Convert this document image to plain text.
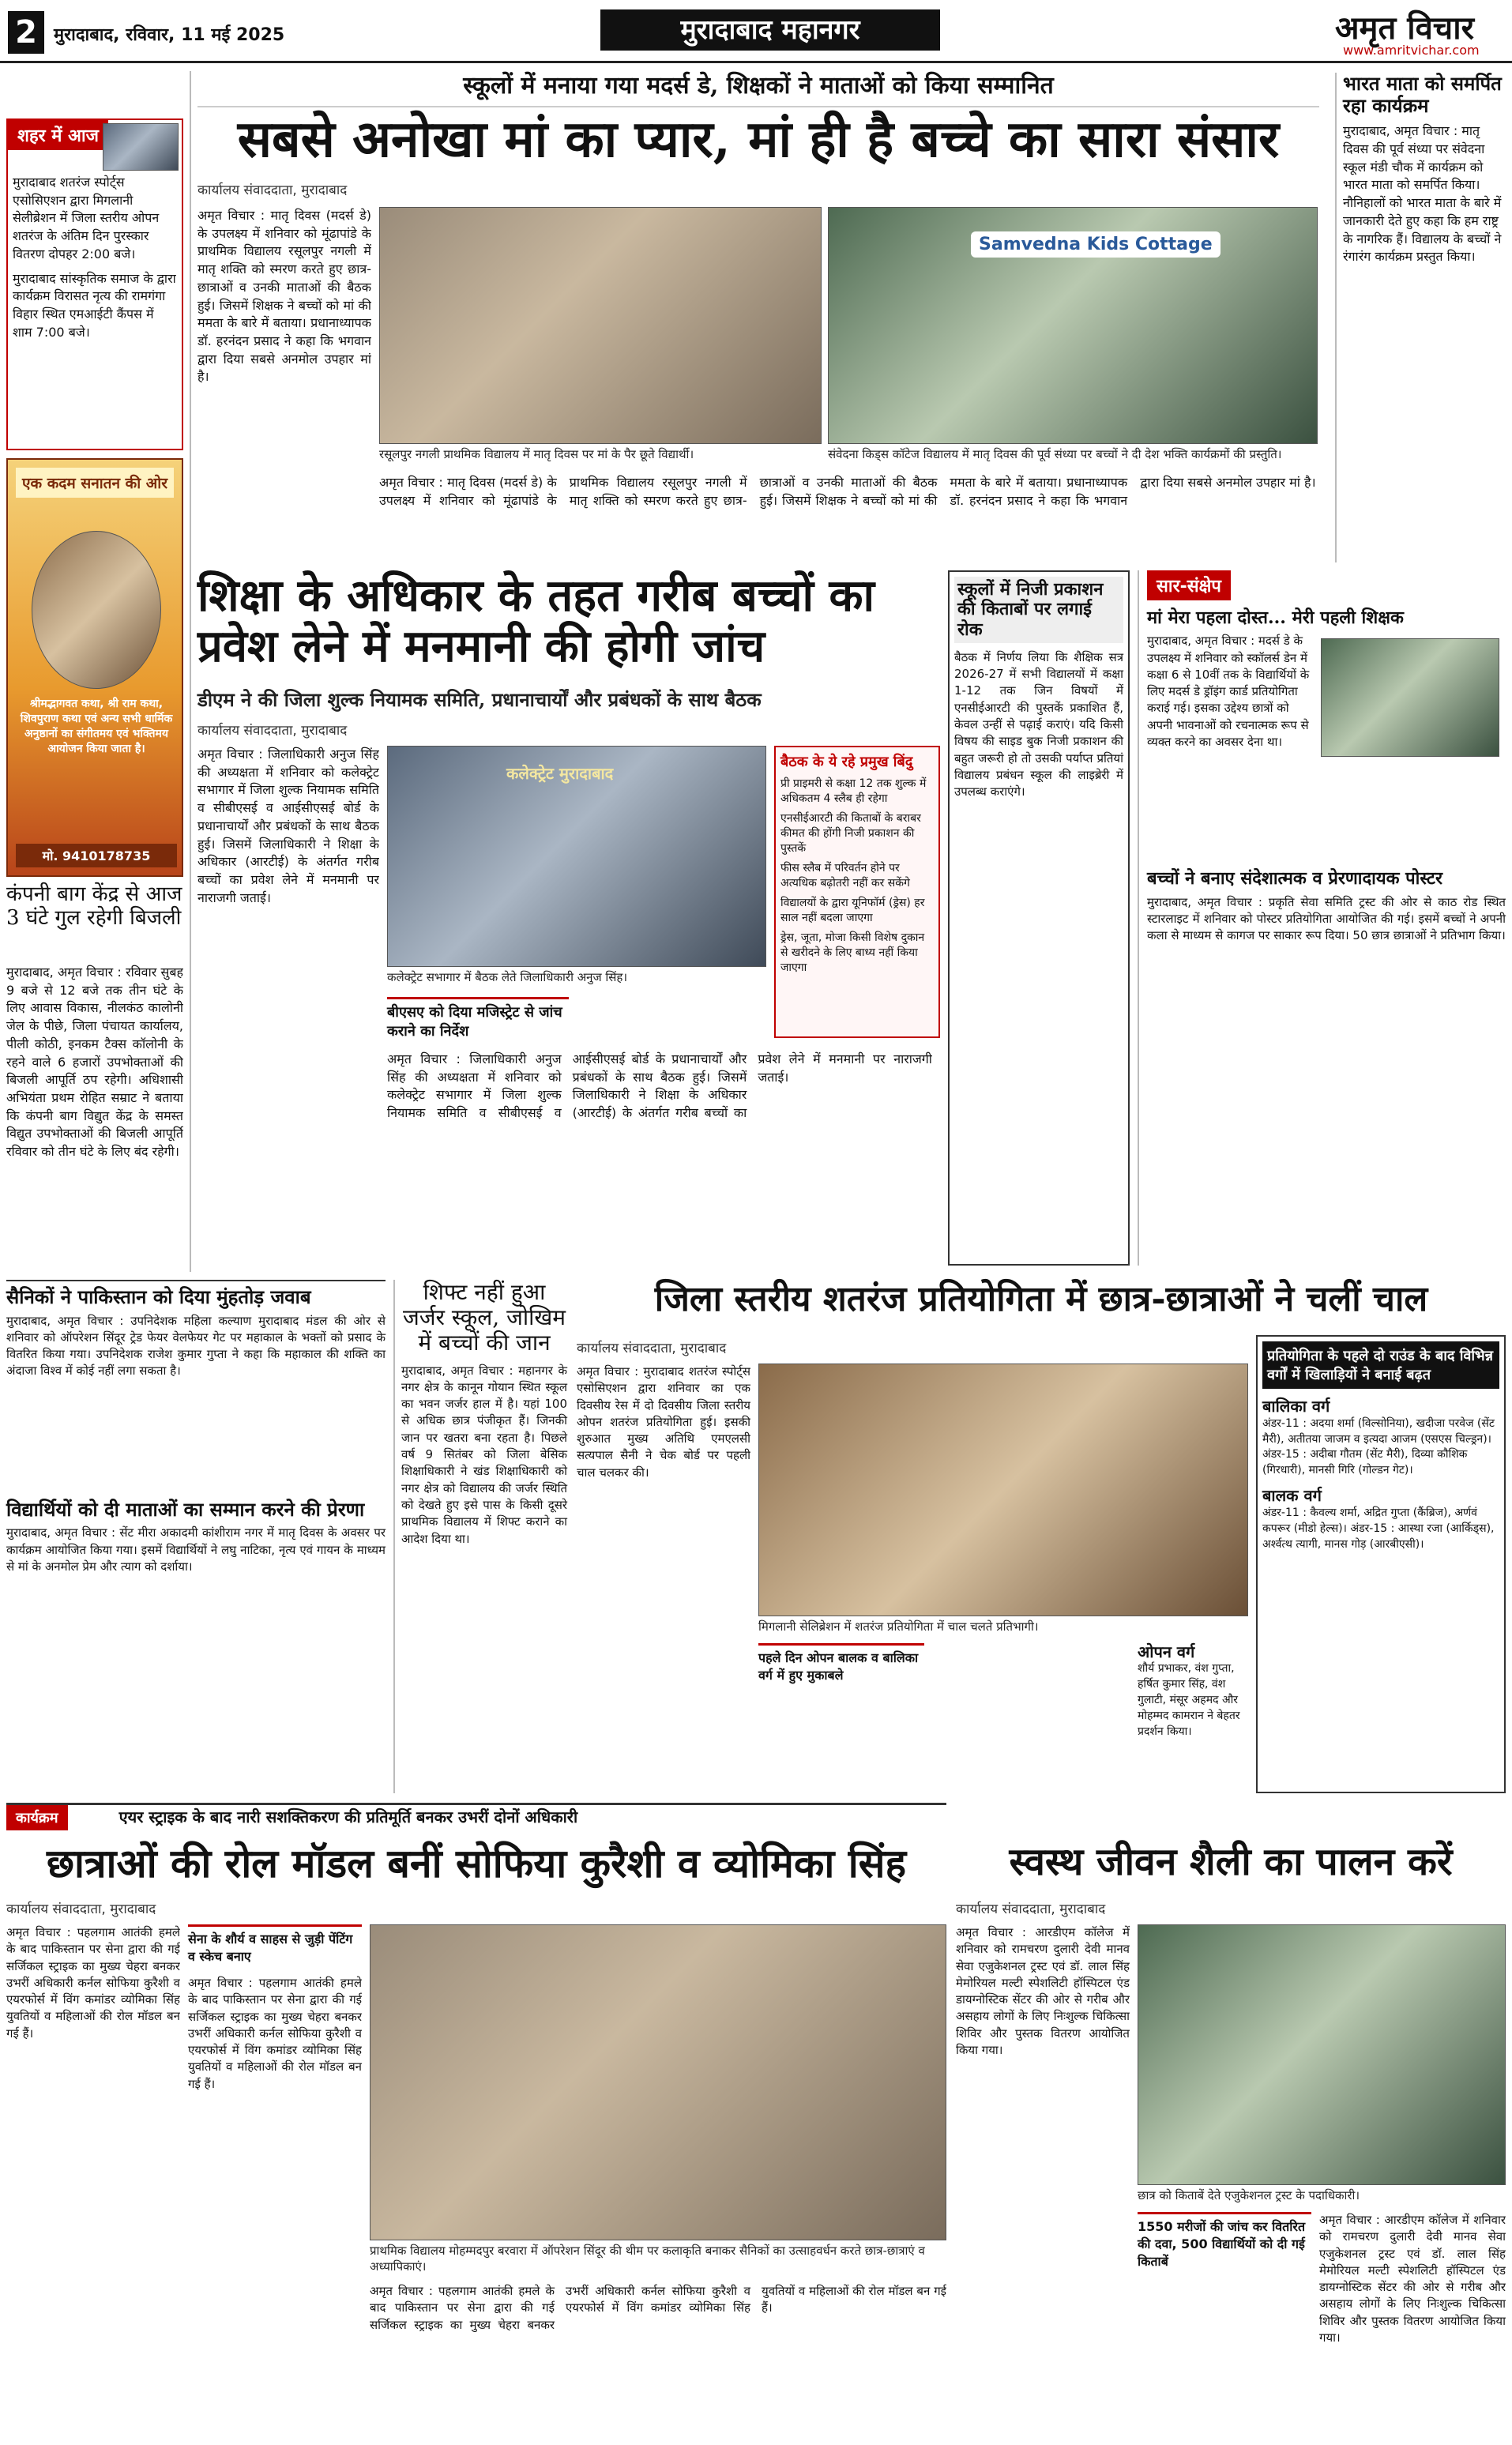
2 मुरादाबाद, रविवार, 11 मई 2025	मुरादाबाद महानगर	अमृत विचार
www.amritvichar.com
शहर में आज
मुरादाबाद शतरंज स्पोर्ट्स एसोसिएशन द्वारा मिगलानी सेलीब्रेशन में जिला स्तरीय ओपन शतरंज के अंतिम दिन पुरस्कार वितरण दोपहर 2:00 बजे।
मुरादाबाद सांस्कृतिक समाज के द्वारा कार्यक्रम विरासत नृत्य की रामगंगा विहार स्थित एमआईटी कैंपस में शाम 7:00 बजे।
एक कदम सनातन की ओर
श्रीमद्भागवत कथा, श्री राम कथा, शिवपुराण कथा एवं अन्य सभी धार्मिक अनुष्ठानों का संगीतमय एवं भक्तिमय आयोजन किया जाता है।
मो. 9410178735
कंपनी बाग केंद्र से आज 3 घंटे गुल रहेगी बिजली
मुरादाबाद, अमृत विचार : रविवार सुबह 9 बजे से 12 बजे तक तीन घंटे के लिए आवास विकास, नीलकंठ कालोनी जेल के पीछे, जिला पंचायत कार्यालय, पीली कोठी, इनकम टैक्स कॉलोनी के रहने वाले 6 हजारों उपभोक्ताओं की बिजली आपूर्ति ठप रहेगी। अधिशासी अभियंता प्रथम रोहित सम्राट ने बताया कि कंपनी बाग विद्युत केंद्र के समस्त विद्युत उपभोक्ताओं की बिजली आपूर्ति रविवार को तीन घंटे के लिए बंद रहेगी।
स्कूलों में मनाया गया मदर्स डे, शिक्षकों ने माताओं को किया सम्मानित
सबसे अनोखा मां का प्यार, मां ही है बच्चे का सारा संसार
कार्यालय संवाददाता, मुरादाबाद
अमृत विचार : मातृ दिवस (मदर्स डे) के उपलक्ष्य में शनिवार को मूंढापांडे के प्राथमिक विद्यालय रसूलपुर नगली में मातृ शक्ति को स्मरण करते हुए छात्र-छात्राओं व उनकी माताओं की बैठक हुई। जिसमें शिक्षक ने बच्चों को मां की ममता के बारे में बताया। प्रधानाध्यापक डॉ. हरनंदन प्रसाद ने कहा कि भगवान द्वारा दिया सबसे अनमोल उपहार मां है।
Samvedna Kids Cottage
रसूलपुर नगली प्राथमिक विद्यालय में मातृ दिवस पर मां के पैर छूते विद्यार्थी।	संवेदना किड्स कॉटेज विद्यालय में मातृ दिवस की पूर्व संध्या पर बच्चों ने दी देश भक्ति कार्यक्रमों की प्रस्तुति।
अमृत विचार : मातृ दिवस (मदर्स डे) के उपलक्ष्य में शनिवार को मूंढापांडे के प्राथमिक विद्यालय रसूलपुर नगली में मातृ शक्ति को स्मरण करते हुए छात्र-छात्राओं व उनकी माताओं की बैठक हुई। जिसमें शिक्षक ने बच्चों को मां की ममता के बारे में बताया। प्रधानाध्यापक डॉ. हरनंदन प्रसाद ने कहा कि भगवान द्वारा दिया सबसे अनमोल उपहार मां है।
भारत माता को समर्पित रहा कार्यक्रम
मुरादाबाद, अमृत विचार : मातृ दिवस की पूर्व संध्या पर संवेदना स्कूल मंडी चौक में कार्यक्रम को भारत माता को समर्पित किया। नौनिहालों को भारत माता के बारे में जानकारी देते हुए कहा कि हम राष्ट्र के नागरिक हैं। विद्यालय के बच्चों ने रंगारंग कार्यक्रम प्रस्तुत किया।
शिक्षा के अधिकार के तहत गरीब बच्चों का प्रवेश लेने में मनमानी की होगी जांच
डीएम ने की जिला शुल्क नियामक समिति, प्रधानाचार्यों और प्रबंधकों के साथ बैठक
कार्यालय संवाददाता, मुरादाबाद
अमृत विचार : जिलाधिकारी अनुज सिंह की अध्यक्षता में शनिवार को कलेक्ट्रेट सभागार में जिला शुल्क नियामक समिति व सीबीएसई व आईसीएसई बोर्ड के प्रधानाचार्यों और प्रबंधकों के साथ बैठक हुई। जिसमें जिलाधिकारी ने शिक्षा के अधिकार (आरटीई) के अंतर्गत गरीब बच्चों का प्रवेश लेने में मनमानी पर नाराजगी जताई।
कलेक्ट्रेट मुरादाबाद
कलेक्ट्रेट सभागार में बैठक लेते जिलाधिकारी अनुज सिंह।
बीएसए को दिया मजिस्ट्रेट से जांच कराने का निर्देश
अमृत विचार : जिलाधिकारी अनुज सिंह की अध्यक्षता में शनिवार को कलेक्ट्रेट सभागार में जिला शुल्क नियामक समिति व सीबीएसई व आईसीएसई बोर्ड के प्रधानाचार्यों और प्रबंधकों के साथ बैठक हुई। जिसमें जिलाधिकारी ने शिक्षा के अधिकार (आरटीई) के अंतर्गत गरीब बच्चों का प्रवेश लेने में मनमानी पर नाराजगी जताई।
बैठक के ये रहे प्रमुख बिंदु
प्री प्राइमरी से कक्षा 12 तक शुल्क में अधिकतम 4 स्लैब ही रहेगा
एनसीईआरटी की किताबों के बराबर कीमत की होंगी निजी प्रकाशन की पुस्तकें
फीस स्लैब में परिवर्तन होने पर अत्यधिक बढ़ोतरी नहीं कर सकेंगे
विद्यालयों के द्वारा यूनिफॉर्म (ड्रेस) हर साल नहीं बदला जाएगा
ड्रेस, जूता, मोजा किसी विशेष दुकान से खरीदने के लिए बाध्य नहीं किया जाएगा
स्कूलों में निजी प्रकाशन की किताबों पर लगाई रोक
बैठक में निर्णय लिया कि शैक्षिक सत्र 2026-27 में सभी विद्यालयों में कक्षा 1-12 तक जिन विषयों में एनसीईआरटी की पुस्तकें प्रकाशित हैं, केवल उन्हीं से पढ़ाई कराएं। यदि किसी विषय की साइड बुक निजी प्रकाशन की बहुत जरूरी हो तो उसकी पर्याप्त प्रतियां विद्यालय प्रबंधन स्कूल की लाइब्रेरी में उपलब्ध कराएंगे।
सार-संक्षेप
मां मेरा पहला दोस्त... मेरी पहली शिक्षक
मुरादाबाद, अमृत विचार : मदर्स डे के उपलक्ष्य में शनिवार को स्कॉलर्स डेन में कक्षा 6 से 10वीं तक के विद्यार्थियों के लिए मदर्स डे ड्रॉइंग कार्ड प्रतियोगिता कराई गई। इसका उद्देश्य छात्रों को अपनी भावनाओं को रचनात्मक रूप से व्यक्त करने का अवसर देना था।
बच्चों ने बनाए संदेशात्मक व प्रेरणादायक पोस्टर
मुरादाबाद, अमृत विचार : प्रकृति सेवा समिति ट्रस्ट की ओर से काठ रोड स्थित स्टारलाइट में शनिवार को पोस्टर प्रतियोगिता आयोजित की गई। इसमें बच्चों ने अपनी कला से माध्यम से कागज पर साकार रूप दिया। 50 छात्र छात्राओं ने प्रतिभाग किया।
सैनिकों ने पाकिस्तान को दिया मुंहतोड़ जवाब
मुरादाबाद, अमृत विचार : उपनिदेशक महिला कल्याण मुरादाबाद मंडल की ओर से शनिवार को ऑपरेशन सिंदूर ट्रेड फेयर वेलफेयर गेट पर महाकाल के भक्तों को प्रसाद के वितरित किया गया। उपनिदेशक राजेश कुमार गुप्ता ने कहा कि महाकाल की शक्ति का अंदाजा विश्व में कोई नहीं लगा सकता है।
विद्यार्थियों को दी माताओं का सम्मान करने की प्रेरणा
मुरादाबाद, अमृत विचार : सेंट मीरा अकादमी कांशीराम नगर में मातृ दिवस के अवसर पर कार्यक्रम आयोजित किया गया। इसमें विद्यार्थियों ने लघु नाटिका, नृत्य एवं गायन के माध्यम से मां के अनमोल प्रेम और त्याग को दर्शाया।
शिफ्ट नहीं हुआ जर्जर स्कूल, जोखिम में बच्चों की जान
मुरादाबाद, अमृत विचार : महानगर के नगर क्षेत्र के कानून गोयान स्थित स्कूल का भवन जर्जर हाल में है। यहां 100 से अधिक छात्र पंजीकृत हैं। जिनकी जान पर खतरा बना रहता है। पिछले वर्ष 9 सितंबर को जिला बेसिक शिक्षाधिकारी ने खंड शिक्षाधिकारी को नगर क्षेत्र को विद्यालय की जर्जर स्थिति को देखते हुए इसे पास के किसी दूसरे प्राथमिक विद्यालय में शिफ्ट कराने का आदेश दिया था।
जिला स्तरीय शतरंज प्रतियोगिता में छात्र-छात्राओं ने चलीं चाल
कार्यालय संवाददाता, मुरादाबाद
अमृत विचार : मुरादाबाद शतरंज स्पोर्ट्स एसोसिएशन द्वारा शनिवार का एक दिवसीय रेस में दो दिवसीय जिला स्तरीय ओपन शतरंज प्रतियोगिता हुई। इसकी शुरुआत मुख्य अतिथि एमएलसी सत्यपाल सैनी ने चेक बोर्ड पर पहली चाल चलकर की।
मिगलानी सेलिब्रेशन में शतरंज प्रतियोगिता में चाल चलते प्रतिभागी।
पहले दिन ओपन बालक व बालिका वर्ग में हुए मुकाबले
ओपन वर्ग
शौर्य प्रभाकर, वंश गुप्ता, हर्षित कुमार सिंह, वंश गुलाटी, मंसूर अहमद और मोहम्मद कामरान ने बेहतर प्रदर्शन किया।
प्रतियोगिता के पहले दो राउंड के बाद विभिन्न वर्गों में खिलाड़ियों ने बनाई बढ़त
बालिका वर्ग
अंडर-11 : अदया शर्मा (विल्सोनिया), खदीजा परवेज (सेंट मैरी), अतीतया जाजम व इत्यदा आजम (एसएस चिल्ड्रन)। अंडर-15 : अदीबा गौतम (सेंट मैरी), दिव्या कौशिक (गिरधारी), मानसी गिरि (गोल्डन गेट)।
बालक वर्ग
अंडर-11 : कैवल्य शर्मा, अद्रित गुप्ता (कैंब्रिज), अर्णवं कपरूर (मीडो हेल्स)। अंडर-15 : आस्था रजा (आर्किड्स), अर्श्वत्थ त्यागी, मानस गोड़ (आरबीएसी)।
कार्यक्रम	एयर स्ट्राइक के बाद नारी सशक्तिकरण की प्रतिमूर्ति बनकर उभरीं दोनों अधिकारी
छात्राओं की रोल मॉडल बनीं सोफिया कुरैशी व व्योमिका सिंह
कार्यालय संवाददाता, मुरादाबाद
अमृत विचार : पहलगाम आतंकी हमले के बाद पाकिस्तान पर सेना द्वारा की गई सर्जिकल स्ट्राइक का मुख्य चेहरा बनकर उभरीं अधिकारी कर्नल सोफिया कुरैशी व एयरफोर्स में विंग कमांडर व्योमिका सिंह युवतियों व महिलाओं की रोल मॉडल बन गई हैं।
सेना के शौर्य व साहस से जुड़ी पेंटिंग व स्केच बनाए
अमृत विचार : पहलगाम आतंकी हमले के बाद पाकिस्तान पर सेना द्वारा की गई सर्जिकल स्ट्राइक का मुख्य चेहरा बनकर उभरीं अधिकारी कर्नल सोफिया कुरैशी व एयरफोर्स में विंग कमांडर व्योमिका सिंह युवतियों व महिलाओं की रोल मॉडल बन गई हैं।
प्राथमिक विद्यालय मोहम्मदपुर बरवारा में ऑपरेशन सिंदूर की थीम पर कलाकृति बनाकर सैनिकों का उत्साहवर्धन करते छात्र-छात्राएं व अध्यापिकाएं।
अमृत विचार : पहलगाम आतंकी हमले के बाद पाकिस्तान पर सेना द्वारा की गई सर्जिकल स्ट्राइक का मुख्य चेहरा बनकर उभरीं अधिकारी कर्नल सोफिया कुरैशी व एयरफोर्स में विंग कमांडर व्योमिका सिंह युवतियों व महिलाओं की रोल मॉडल बन गई हैं।
स्वस्थ जीवन शैली का पालन करें
कार्यालय संवाददाता, मुरादाबाद
अमृत विचार : आरडीएम कॉलेज में शनिवार को रामचरण दुलारी देवी मानव सेवा एजुकेशनल ट्रस्ट एवं डॉ. लाल सिंह मेमोरियल मल्टी स्पेशलिटी हॉस्पिटल एंड डायग्नोस्टिक सेंटर की ओर से गरीब और असहाय लोगों के लिए निःशुल्क चिकित्सा शिविर और पुस्तक वितरण आयोजित किया गया।
छात्र को किताबें देते एजुकेशनल ट्रस्ट के पदाधिकारी।
1550 मरीजों की जांच कर वितरित की दवा, 500 विद्यार्थियों को दी गई किताबें
अमृत विचार : आरडीएम कॉलेज में शनिवार को रामचरण दुलारी देवी मानव सेवा एजुकेशनल ट्रस्ट एवं डॉ. लाल सिंह मेमोरियल मल्टी स्पेशलिटी हॉस्पिटल एंड डायग्नोस्टिक सेंटर की ओर से गरीब और असहाय लोगों के लिए निःशुल्क चिकित्सा शिविर और पुस्तक वितरण आयोजित किया गया।
